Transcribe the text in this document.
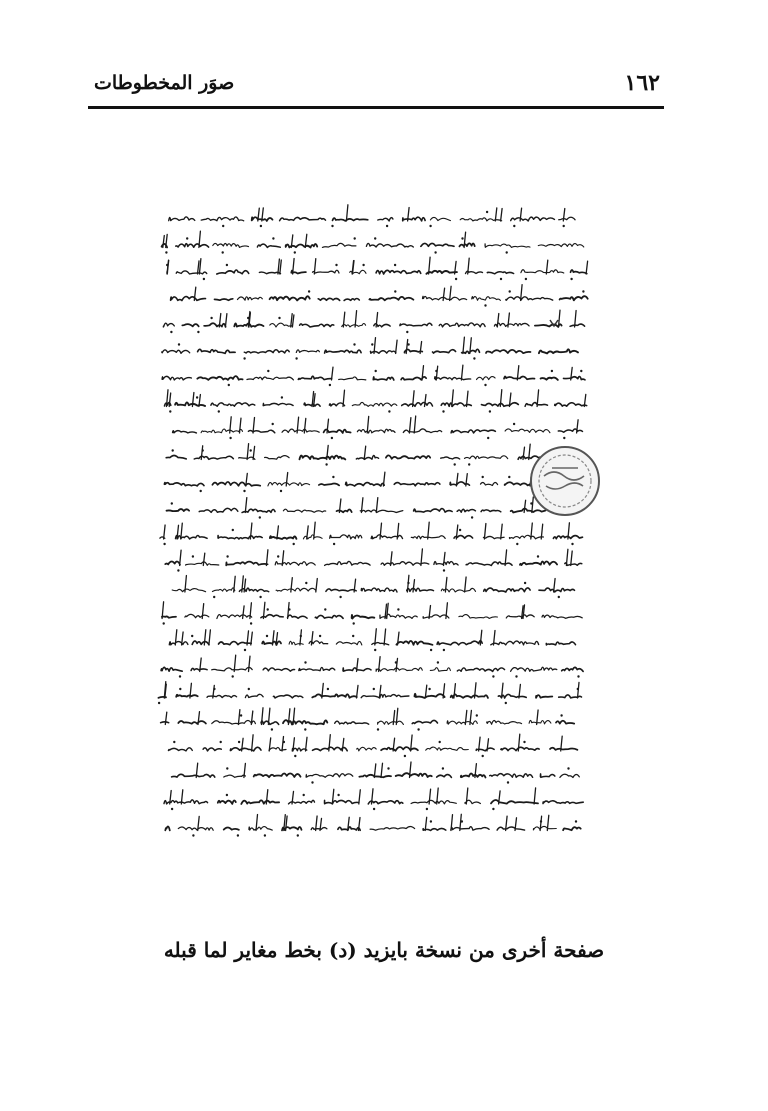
صوَر المخطوطات	١٦٢
صفحة أخرى من نسخة بايزيد (د) بخط مغاير لما قبله
